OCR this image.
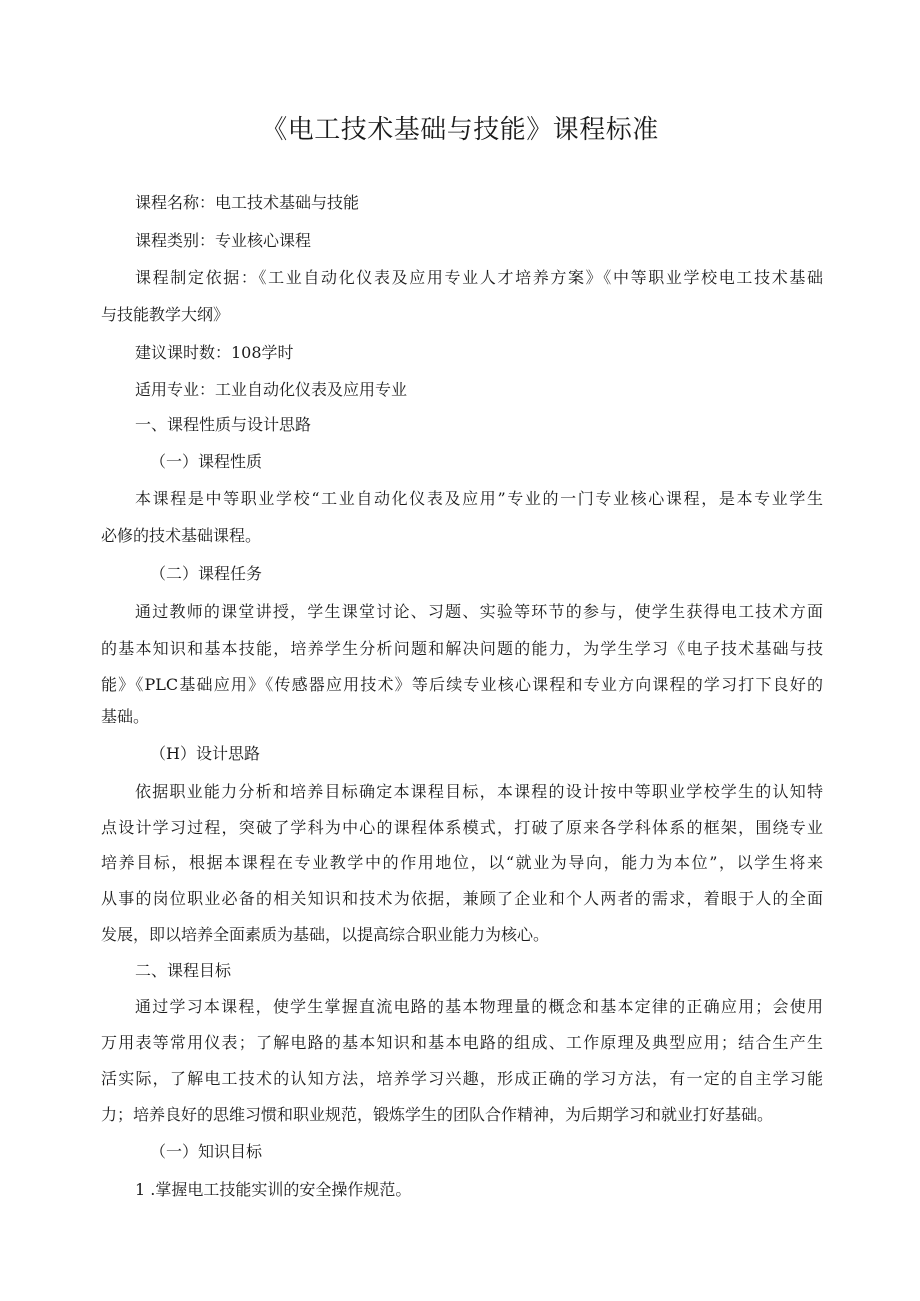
《电工技术基础与技能》课程标准
课程名称：电工技术基础与技能
课程类别：专业核心课程
课程制定依据：《工业自动化仪表及应用专业人才培养方案》《中等职业学校电工技术基础
与技能教学大纲》
建议课时数：108学时
适用专业：工业自动化仪表及应用专业
一、课程性质与设计思路
（一）课程性质
本课程是中等职业学校“工业自动化仪表及应用”专业的一门专业核心课程，是本专业学生
必修的技术基础课程。
（二）课程任务
通过教师的课堂讲授，学生课堂讨论、习题、实验等环节的参与，使学生获得电工技术方面
的基本知识和基本技能，培养学生分析问题和解决问题的能力，为学生学习《电子技术基础与技
能》《PLC基础应用》《传感器应用技术》等后续专业核心课程和专业方向课程的学习打下良好的
基础。
（H）设计思路
依据职业能力分析和培养目标确定本课程目标，本课程的设计按中等职业学校学生的认知特
点设计学习过程，突破了学科为中心的课程体系模式，打破了原来各学科体系的框架，围绕专业
培养目标，根据本课程在专业教学中的作用地位，以“就业为导向，能力为本位”，以学生将来
从事的岗位职业必备的相关知识和技术为依据，兼顾了企业和个人两者的需求，着眼于人的全面
发展，即以培养全面素质为基础，以提高综合职业能力为核心。
二、课程目标
通过学习本课程，使学生掌握直流电路的基本物理量的概念和基本定律的正确应用；会使用
万用表等常用仪表；了解电路的基本知识和基本电路的组成、工作原理及典型应用；结合生产生
活实际，了解电工技术的认知方法，培养学习兴趣，形成正确的学习方法，有一定的自主学习能
力；培养良好的思维习惯和职业规范，锻炼学生的团队合作精神，为后期学习和就业打好基础。
（一）知识目标
1 .掌握电工技能实训的安全操作规范。
